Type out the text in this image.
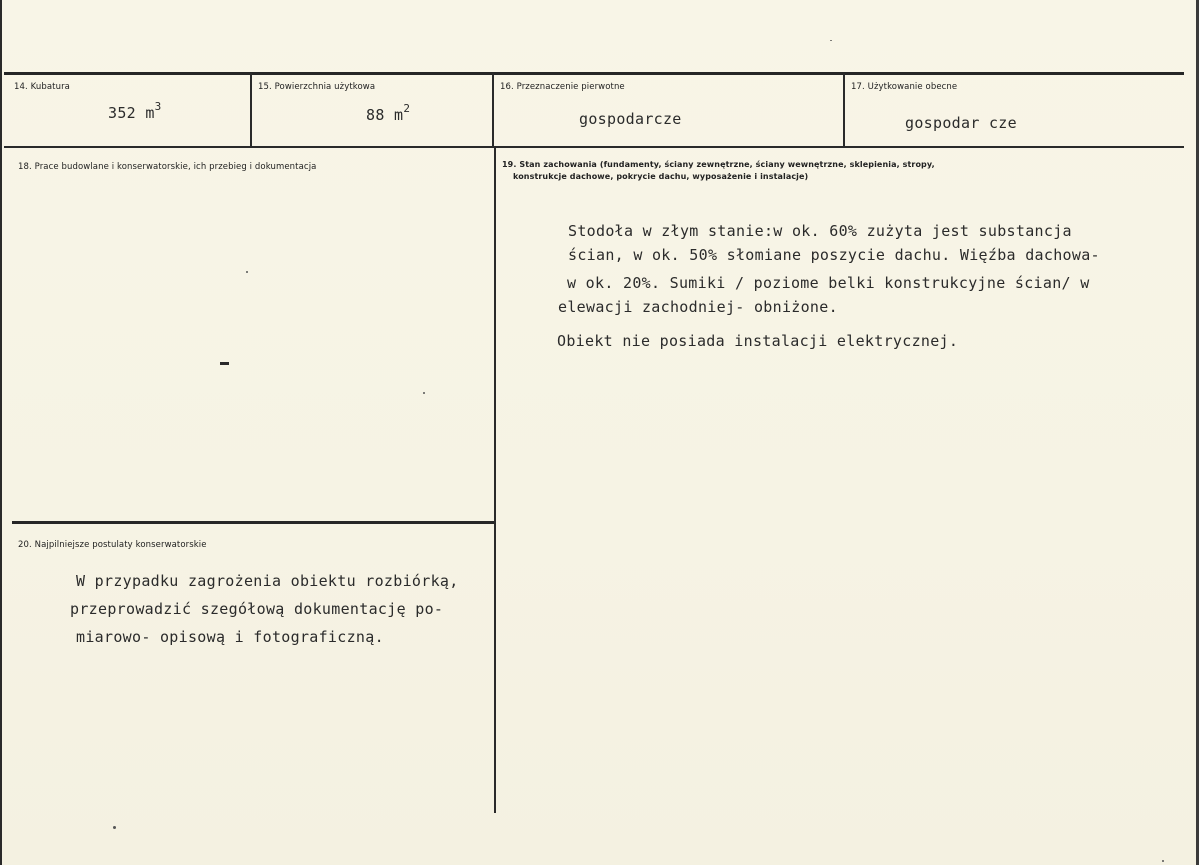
14. Kubatura
352 $m^3$
15. Powierzchnia użytkowa
88 $m^2$
16. Przeznaczenie pierwotne
gospodarcze
17. Użytkowanie obecne
gospodar cze
18. Prace budowlane i konserwatorskie, ich przebieg i dokumentacja	19. Stan zachowania (fundamenty, ściany zewnętrzne, ściany wewnętrzne, sklepienia, stropy,
konstrukcje dachowe, pokrycie dachu, wyposażenie i instalacje)
Stodoła w złym stanie:w ok. 60% zużyta jest substancja
ścian, w ok. 50% słomiane poszycie dachu. Więźba dachowa-
w ok. 20%. Sumiki / poziome belki konstrukcyjne ścian/ w
elewacji zachodniej- obniżone.
Obiekt nie posiada instalacji elektrycznej.
20. Najpilniejsze postulaty konserwatorskie
W przypadku zagrożenia obiektu rozbiórką,
przeprowadzić szegółową dokumentację po-
miarowo- opisową i fotograficzną.
